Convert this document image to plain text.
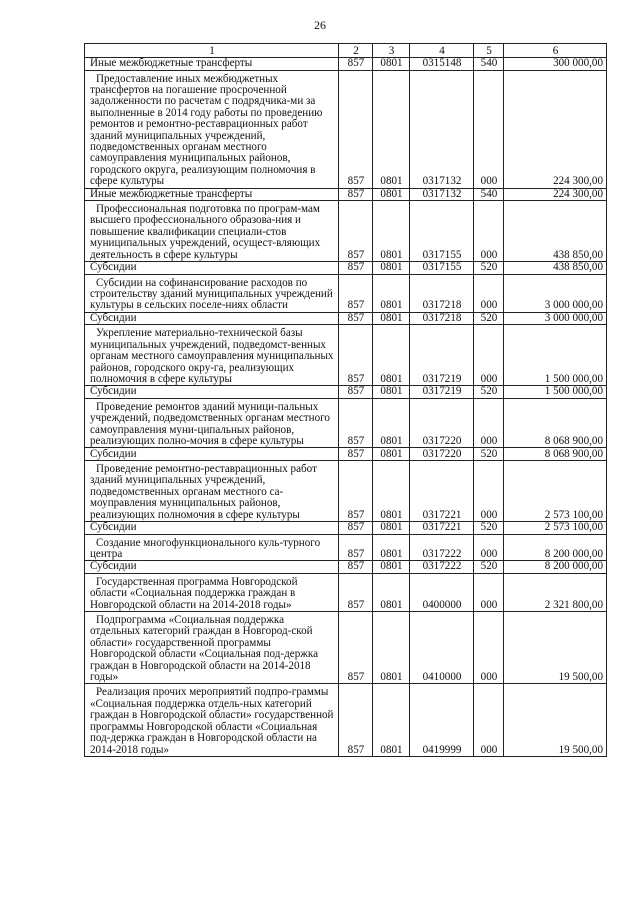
26
1	2	3	4	5	6
Иные межбюджетные трансферты	857	0801	0315148	540	300 000,00
Предоставление иных межбюджетных трансфертов на погашение просроченной задолженности по расчетам с подрядчика-ми за выполненные в 2014 году работы по проведению ремонтов и ремонтно-реставрационных работ зданий муниципальных учреждений, подведомственных органам местного самоуправления муниципальных районов, городского округа, реализующим полномочия в сфере культуры	857	0801	0317132	000	224 300,00
Иные межбюджетные трансферты	857	0801	0317132	540	224 300,00
Профессиональная подготовка по програм-мам высшего профессионального образова-ния и повышение квалификации специали-стов муниципальных учреждений, осущест-вляющих деятельность в сфере культуры	857	0801	0317155	000	438 850,00
Субсидии	857	0801	0317155	520	438 850,00
Субсидии на софинансирование расходов по строительству зданий муниципальных учреждений культуры в сельских поселе-ниях области	857	0801	0317218	000	3 000 000,00
Субсидии	857	0801	0317218	520	3 000 000,00
Укрепление материально-технической базы муниципальных учреждений, подведомст-венных органам местного самоуправления муниципальных районов, городского окру-га, реализующих полномочия в сфере культуры	857	0801	0317219	000	1 500 000,00
Субсидии	857	0801	0317219	520	1 500 000,00
Проведение ремонтов зданий муници-пальных учреждений, подведомственных органам местного самоуправления муни-ципальных районов, реализующих полно-мочия в сфере культуры	857	0801	0317220	000	8 068 900,00
Субсидии	857	0801	0317220	520	8 068 900,00
Проведение ремонтно-реставрационных работ зданий муниципальных учреждений, подведомственных органам местного са-моуправления муниципальных районов, реализующих полномочия в сфере культуры	857	0801	0317221	000	2 573 100,00
Субсидии	857	0801	0317221	520	2 573 100,00
Создание многофункционального куль-турного центра	857	0801	0317222	000	8 200 000,00
Субсидии	857	0801	0317222	520	8 200 000,00
Государственная программа Новгородской области «Социальная поддержка граждан в Новгородской области на 2014-2018 годы»	857	0801	0400000	000	2 321 800,00
Подпрограмма «Социальная поддержка отдельных категорий граждан в Новгород-ской области» государственной программы Новгородской области «Социальная под-держка граждан в Новгородской области на 2014-2018 годы»	857	0801	0410000	000	19 500,00
Реализация прочих мероприятий подпро-граммы «Социальная поддержка отдель-ных категорий граждан в Новгородской области» государственной программы Новгородской области «Социальная под-держка граждан в Новгородской области на 2014-2018 годы»	857	0801	0419999	000	19 500,00
